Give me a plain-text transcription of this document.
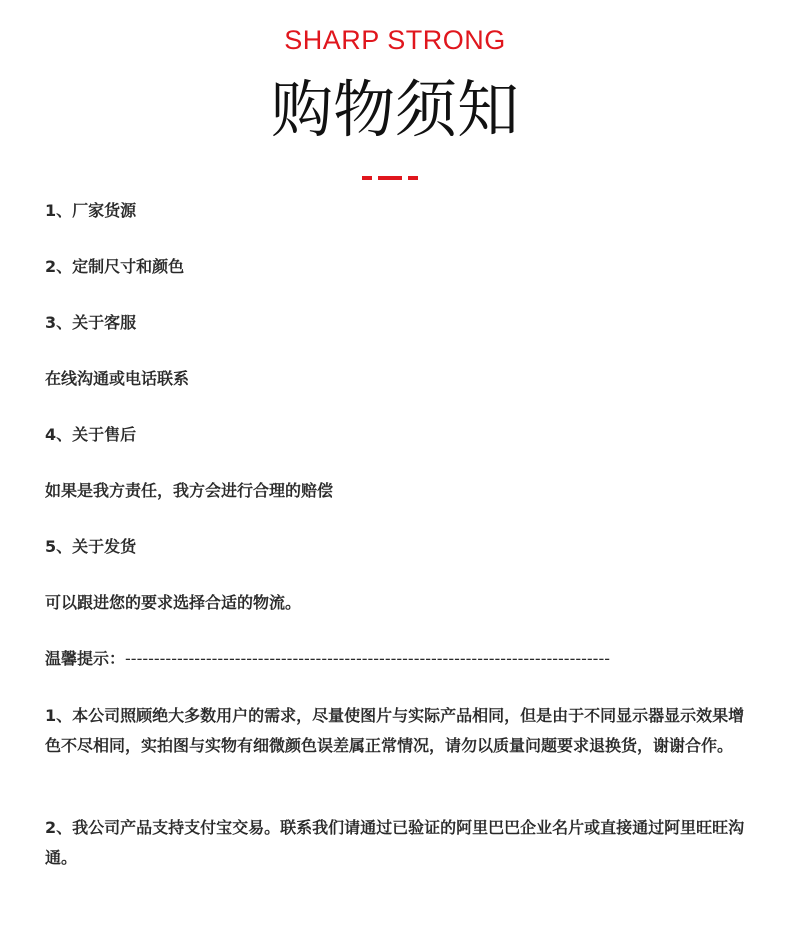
SHARP STRONG
购物须知
1、厂家货源
2、定制尺寸和颜色
3、关于客服
在线沟通或电话联系
4、关于售后
如果是我方责任，我方会进行合理的赔偿
5、关于发货
可以跟进您的要求选择合适的物流。
温馨提示：------------------------------------------------------------------------------------
1、本公司照顾绝大多数用户的需求，尽量使图片与实际产品相同，但是由于不同显示器显示效果增色不尽相同，实拍图与实物有细微颜色误差属正常情况，请勿以质量问题要求退换货，谢谢合作。
2、我公司产品支持支付宝交易。联系我们请通过已验证的阿里巴巴企业名片或直接通过阿里旺旺沟通。
